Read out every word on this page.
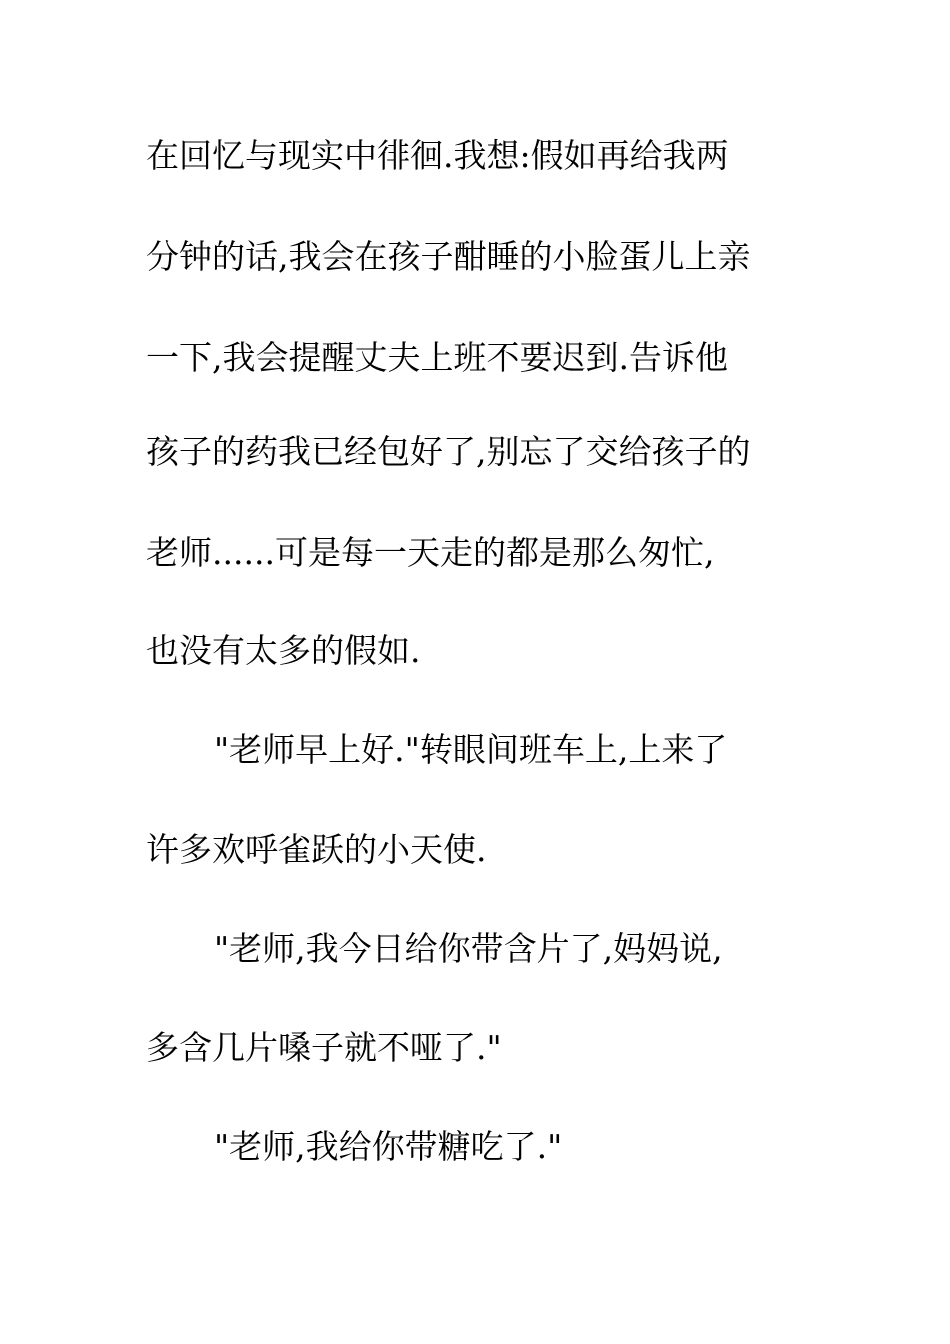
在回忆与现实中徘徊.我想:假如再给我两
分钟的话,我会在孩子酣睡的小脸蛋儿上亲
一下,我会提醒丈夫上班不要迟到.告诉他
孩子的药我已经包好了,别忘了交给孩子的
老师......可是每一天走的都是那么匆忙,
也没有太多的假如.
"老师早上好."转眼间班车上,上来了
许多欢呼雀跃的小天使.
"老师,我今日给你带含片了,妈妈说,
多含几片嗓子就不哑了."
"老师,我给你带糖吃了."
